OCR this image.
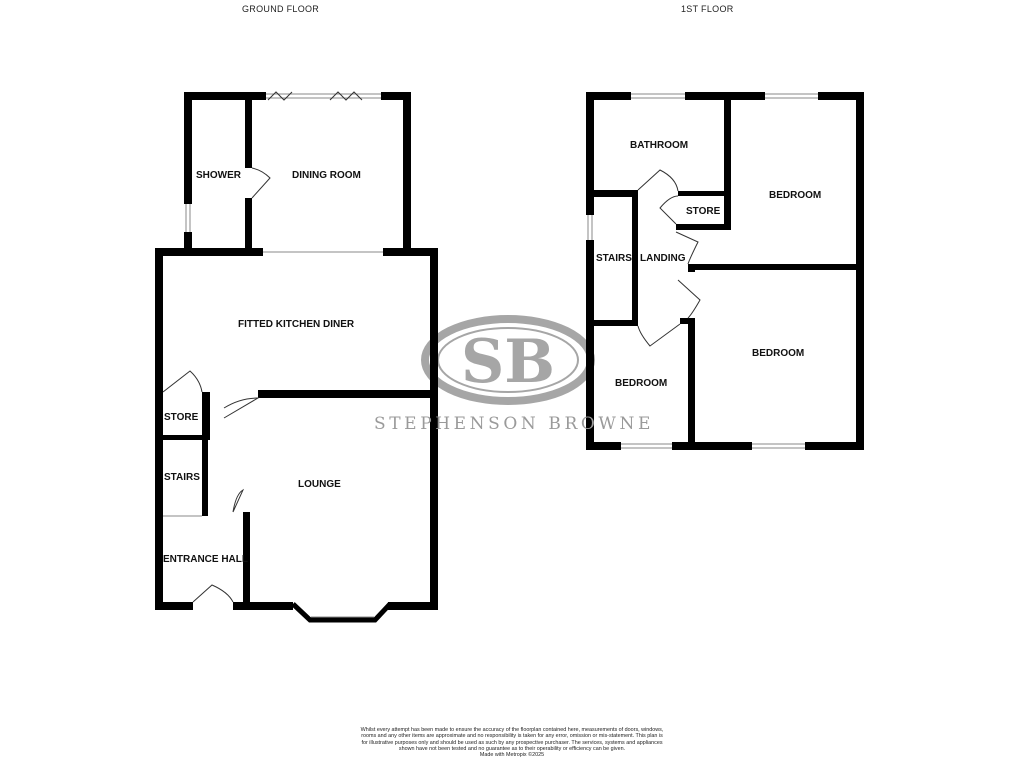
SB
GROUND FLOOR	1ST FLOOR
SHOWER	DINING ROOM
FITTED KITCHEN DINER
STORE
STAIRS
LOUNGE
ENTRANCE HALL
BATHROOM
STORE
BEDROOM
STAIRS LANDING
BEDROOM
BEDROOM
STEPHENSON BROWNE
Whilst every attempt has been made to ensure the accuracy of the floorplan contained here, measurements of doors, windows, rooms and any other items are approximate and no responsibility is taken for any error, omission or mis-statement. This plan is for illustrative purposes only and should be used as such by any prospective purchaser. The services, systems and appliances shown have not been tested and no guarantee as to their operability or efficiency can be given.
Made with Metropix ©2025
